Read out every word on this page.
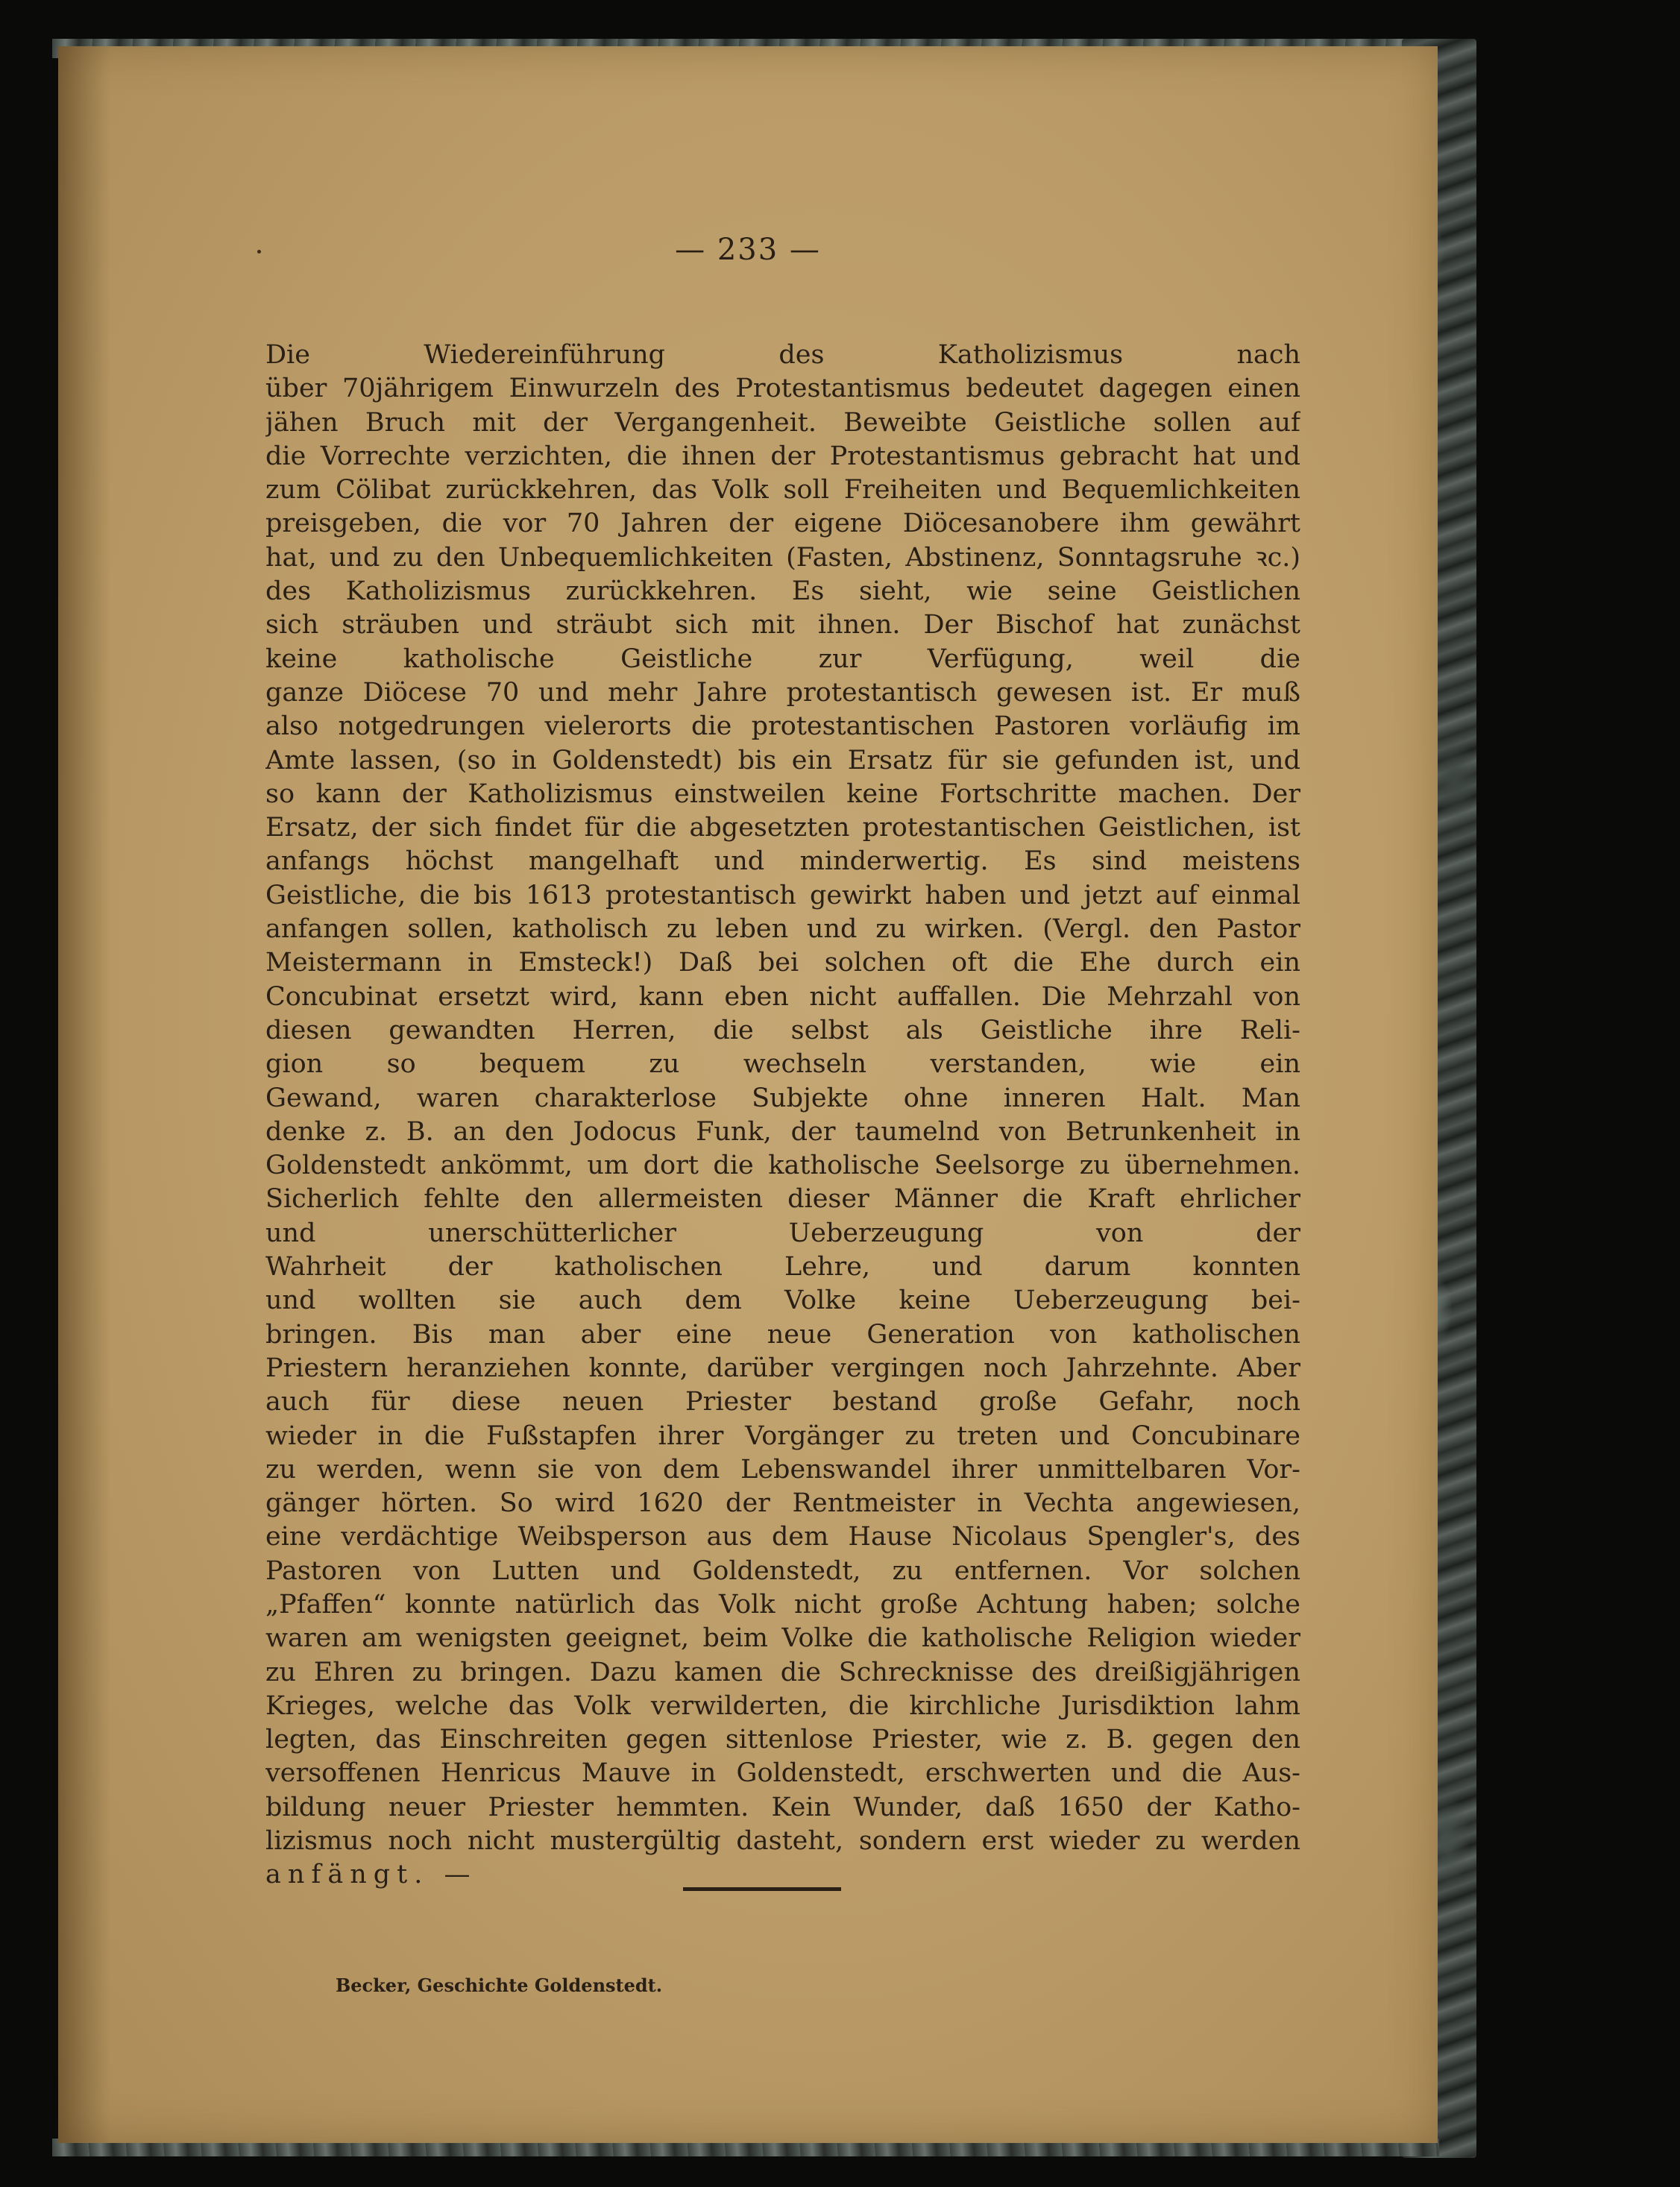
— 233 —
Die Wiedereinführung des Katholizismus nach
über 70jährigem Einwurzeln des Protestantismus bedeutet dagegen einen
jähen Bruch mit der Vergangenheit. Beweibte Geistliche sollen auf
die Vorrechte verzichten, die ihnen der Protestantismus gebracht hat und
zum Cölibat zurückkehren, das Volk soll Freiheiten und Bequemlichkeiten
preisgeben, die vor 70 Jahren der eigene Diöcesanobere ihm gewährt
hat, und zu den Unbequemlichkeiten (Fasten, Abstinenz, Sonntagsruhe ꝛc.)
des Katholizismus zurückkehren. Es sieht, wie seine Geistlichen
sich sträuben und sträubt sich mit ihnen. Der Bischof hat zunächst
keine katholische Geistliche zur Verfügung, weil die
ganze Diöcese 70 und mehr Jahre protestantisch gewesen ist. Er muß
also notgedrungen vielerorts die protestantischen Pastoren vorläufig im
Amte lassen, (so in Goldenstedt) bis ein Ersatz für sie gefunden ist, und
so kann der Katholizismus einstweilen keine Fortschritte machen. Der
Ersatz, der sich findet für die abgesetzten protestantischen Geistlichen, ist
anfangs höchst mangelhaft und minderwertig. Es sind meistens
Geistliche, die bis 1613 protestantisch gewirkt haben und jetzt auf einmal
anfangen sollen, katholisch zu leben und zu wirken. (Vergl. den Pastor
Meistermann in Emsteck!) Daß bei solchen oft die Ehe durch ein
Concubinat ersetzt wird, kann eben nicht auffallen. Die Mehrzahl von
diesen gewandten Herren, die selbst als Geistliche ihre Reli-
gion so bequem zu wechseln verstanden, wie ein
Gewand, waren charakterlose Subjekte ohne inneren Halt. Man
denke z. B. an den Jodocus Funk, der taumelnd von Betrunkenheit in
Goldenstedt ankömmt, um dort die katholische Seelsorge zu übernehmen.
Sicherlich fehlte den allermeisten dieser Männer die Kraft ehrlicher
und unerschütterlicher Ueberzeugung von der
Wahrheit der katholischen Lehre, und darum konnten
und wollten sie auch dem Volke keine Ueberzeugung bei-
bringen. Bis man aber eine neue Generation von katholischen
Priestern heranziehen konnte, darüber vergingen noch Jahrzehnte. Aber
auch für diese neuen Priester bestand große Gefahr, noch
wieder in die Fußstapfen ihrer Vorgänger zu treten und Concubinare
zu werden, wenn sie von dem Lebenswandel ihrer unmittelbaren Vor-
gänger hörten. So wird 1620 der Rentmeister in Vechta angewiesen,
eine verdächtige Weibsperson aus dem Hause Nicolaus Spengler's, des
Pastoren von Lutten und Goldenstedt, zu entfernen. Vor solchen
„Pfaffen“ konnte natürlich das Volk nicht große Achtung haben; solche
waren am wenigsten geeignet, beim Volke die katholische Religion wieder
zu Ehren zu bringen. Dazu kamen die Schrecknisse des dreißigjährigen
Krieges, welche das Volk verwilderten, die kirchliche Jurisdiktion lahm
legten, das Einschreiten gegen sittenlose Priester, wie z. B. gegen den
versoffenen Henricus Mauve in Goldenstedt, erschwerten und die Aus-
bildung neuer Priester hemmten. Kein Wunder, daß 1650 der Katho-
lizismus noch nicht mustergültig dasteht, sondern erst wieder zu werden
anfängt. —
Becker, Geschichte Goldenstedt.
